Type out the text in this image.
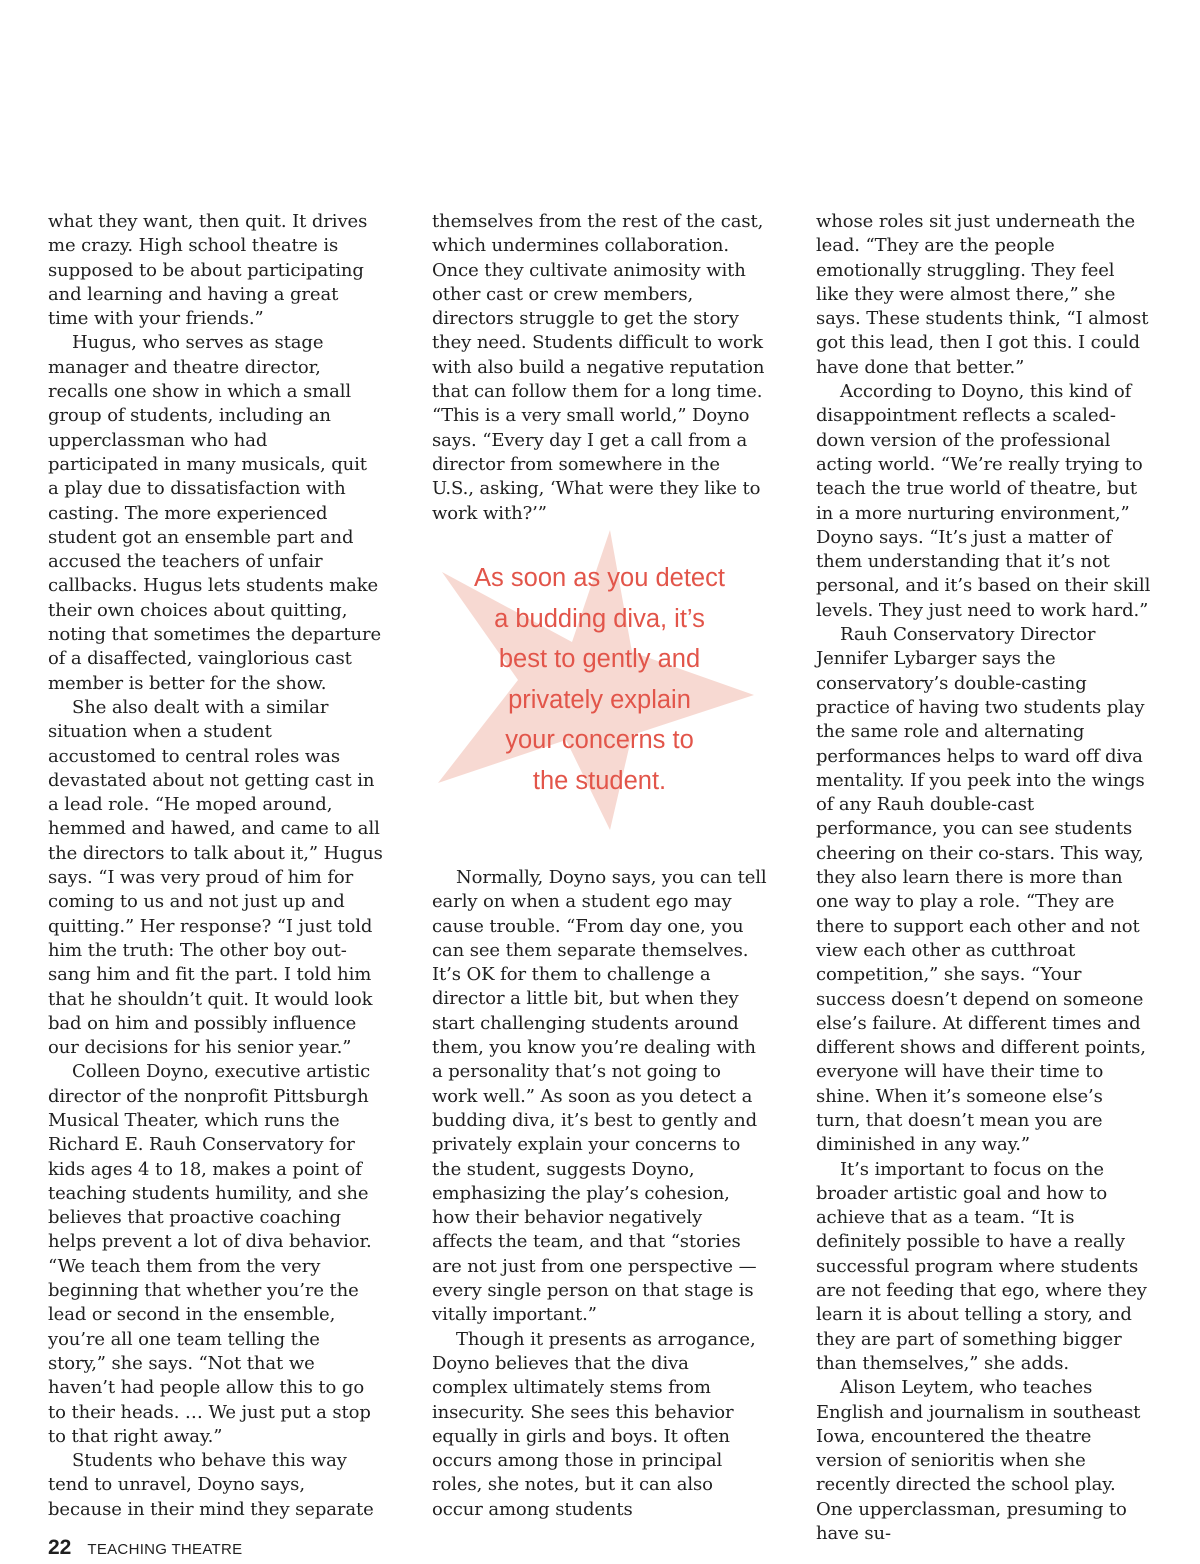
what they want, then quit. It drives me crazy. High school theatre is supposed to be about participating and learning and having a great time with your friends.”

Hugus, who serves as stage manager and theatre director, recalls one show in which a small group of students, including an upperclassman who had participated in many musicals, quit a play due to dissatisfaction with casting. The more experienced student got an ensemble part and accused the teachers of unfair callbacks. Hugus lets students make their own choices about quitting, noting that sometimes the departure of a disaffected, vainglorious cast member is better for the show.

She also dealt with a similar situation when a student accustomed to central roles was devastated about not getting cast in a lead role. “He moped around, hemmed and hawed, and came to all the directors to talk about it,” Hugus says. “I was very proud of him for coming to us and not just up and quitting.” Her response? “I just told him the truth: The other boy out-sang him and fit the part. I told him that he shouldn’t quit. It would look bad on him and possibly influence our decisions for his senior year.”

Colleen Doyno, executive artistic director of the nonprofit Pittsburgh Musical Theater, which runs the Richard E. Rauh Conservatory for kids ages 4 to 18, makes a point of teaching students humility, and she believes that proactive coaching helps prevent a lot of diva behavior. “We teach them from the very beginning that whether you’re the lead or second in the ensemble, you’re all one team telling the story,” she says. “Not that we haven’t had people allow this to go to their heads. … We just put a stop to that right away.”

Students who behave this way tend to unravel, Doyno says, because in their mind they separate

themselves from the rest of the cast, which undermines collaboration. Once they cultivate animosity with other cast or crew members, directors struggle to get the story they need. Students difficult to work with also build a negative reputation that can follow them for a long time. “This is a very small world,” Doyno says. “Every day I get a call from a director from somewhere in the U.S., asking, ‘What were they like to work with?’”

As soon as you detect
a budding diva, it’s
best to gently and
privately explain
your concerns to
the student.

Normally, Doyno says, you can tell early on when a student ego may cause trouble. “From day one, you can see them separate themselves. It’s OK for them to challenge a director a little bit, but when they start challenging students around them, you know you’re dealing with a personality that’s not going to work well.” As soon as you detect a budding diva, it’s best to gently and privately explain your concerns to the student, suggests Doyno, emphasizing the play’s cohesion, how their behavior negatively affects the team, and that “stories are not just from one perspective — every single person on that stage is vitally important.”

Though it presents as arrogance, Doyno believes that the diva complex ultimately stems from insecurity. She sees this behavior equally in girls and boys. It often occurs among those in principal roles, she notes, but it can also occur among students

whose roles sit just underneath the lead. “They are the people emotionally struggling. They feel like they were almost there,” she says. These students think, “I almost got this lead, then I got this. I could have done that better.”

According to Doyno, this kind of disappointment reflects a scaled-down version of the professional acting world. “We’re really trying to teach the true world of theatre, but in a more nurturing environment,” Doyno says. “It’s just a matter of them understanding that it’s not personal, and it’s based on their skill levels. They just need to work hard.”

Rauh Conservatory Director Jennifer Lybarger says the conservatory’s double-casting practice of having two students play the same role and alternating performances helps to ward off diva mentality. If you peek into the wings of any Rauh double-cast performance, you can see students cheering on their co-stars. This way, they also learn there is more than one way to play a role. “They are there to support each other and not view each other as cutthroat competition,” she says. “Your success doesn’t depend on someone else’s failure. At different times and different shows and different points, everyone will have their time to shine. When it’s someone else’s turn, that doesn’t mean you are diminished in any way.”

It’s important to focus on the broader artistic goal and how to achieve that as a team. “It is definitely possible to have a really successful program where students are not feeding that ego, where they learn it is about telling a story, and they are part of something bigger than themselves,” she adds.

Alison Leytem, who teaches English and journalism in southeast Iowa, encountered the theatre version of senioritis when she recently directed the school play. One upperclassman, presuming to have su-

22 TEACHING THEATRE
